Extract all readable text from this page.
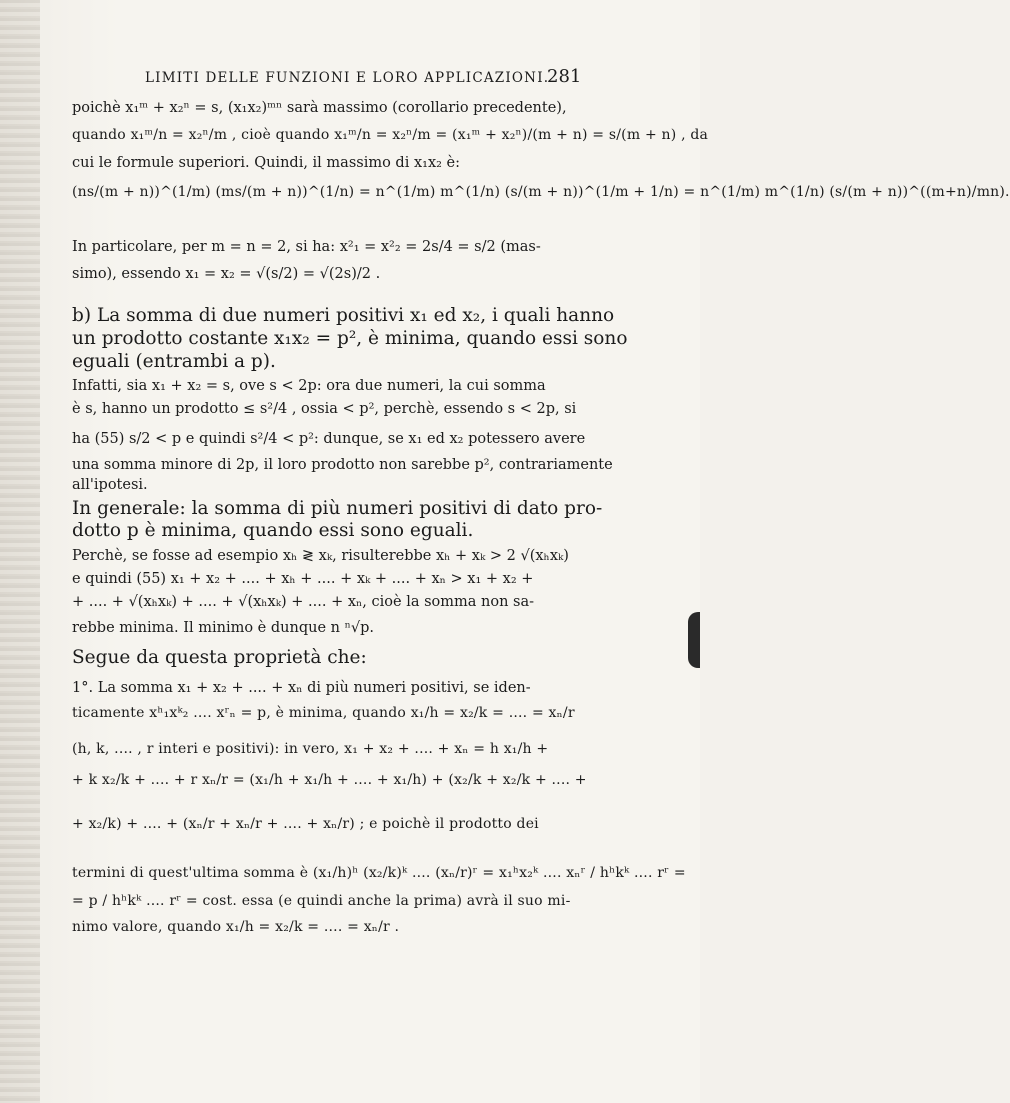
LIMITI DELLE FUNZIONI E LORO APPLICAZIONI.
281
poichè x₁ᵐ + x₂ⁿ = s, (x₁x₂)ᵐⁿ sarà massimo (corollario precedente),
quando x₁ᵐ/n = x₂ⁿ/m , cioè quando x₁ᵐ/n = x₂ⁿ/m = (x₁ᵐ + x₂ⁿ)/(m + n) = s/(m + n) , da
cui le formule superiori. Quindi, il massimo di x₁x₂ è:
(ns/(m + n))^(1/m) (ms/(m + n))^(1/n) = n^(1/m) m^(1/n) (s/(m + n))^(1/m + 1/n) = n^(1/m) m^(1/n) (s/(m + n))^((m+n)/mn).
In particolare, per m = n = 2, si ha: x²₁ = x²₂ = 2s/4 = s/2 (mas-
simo), essendo x₁ = x₂ = √(s/2) = √(2s)/2 .
b) La somma di due numeri positivi x₁ ed x₂, i quali hanno
un prodotto costante x₁x₂ = p², è minima, quando essi sono
eguali (entrambi a p).
Infatti, sia x₁ + x₂ = s, ove s < 2p: ora due numeri, la cui somma
è s, hanno un prodotto ≤ s²/4 , ossia < p², perchè, essendo s < 2p, si
ha (55) s/2 < p e quindi s²/4 < p²: dunque, se x₁ ed x₂ potessero avere
una somma minore di 2p, il loro prodotto non sarebbe p², contrariamente
all'ipotesi.
In generale: la somma di più numeri positivi di dato pro-
dotto p è minima, quando essi sono eguali.
Perchè, se fosse ad esempio xₕ ≷ xₖ, risulterebbe xₕ + xₖ > 2 √(xₕxₖ)
e quindi (55) x₁ + x₂ + .... + xₕ + .... + xₖ + .... + xₙ > x₁ + x₂ +
+ .... + √(xₕxₖ) + .... + √(xₕxₖ) + .... + xₙ, cioè la somma non sa-
rebbe minima. Il minimo è dunque n ⁿ√p.
Segue da questa proprietà che:
1°. La somma x₁ + x₂ + .... + xₙ di più numeri positivi, se iden-
ticamente xʰ₁xᵏ₂ .... xʳₙ = p, è minima, quando x₁/h = x₂/k = .... = xₙ/r
(h, k, .... , r interi e positivi): in vero, x₁ + x₂ + .... + xₙ = h x₁/h +
+ k x₂/k + .... + r xₙ/r = (x₁/h + x₁/h + .... + x₁/h) + (x₂/k + x₂/k + .... +
+ x₂/k) + .... + (xₙ/r + xₙ/r + .... + xₙ/r) ; e poichè il prodotto dei
termini di quest'ultima somma è (x₁/h)ʰ (x₂/k)ᵏ .... (xₙ/r)ʳ = x₁ʰx₂ᵏ .... xₙʳ / hʰkᵏ .... rʳ =
= p / hʰkᵏ .... rʳ = cost. essa (e quindi anche la prima) avrà il suo mi-
nimo valore, quando x₁/h = x₂/k = .... = xₙ/r .
